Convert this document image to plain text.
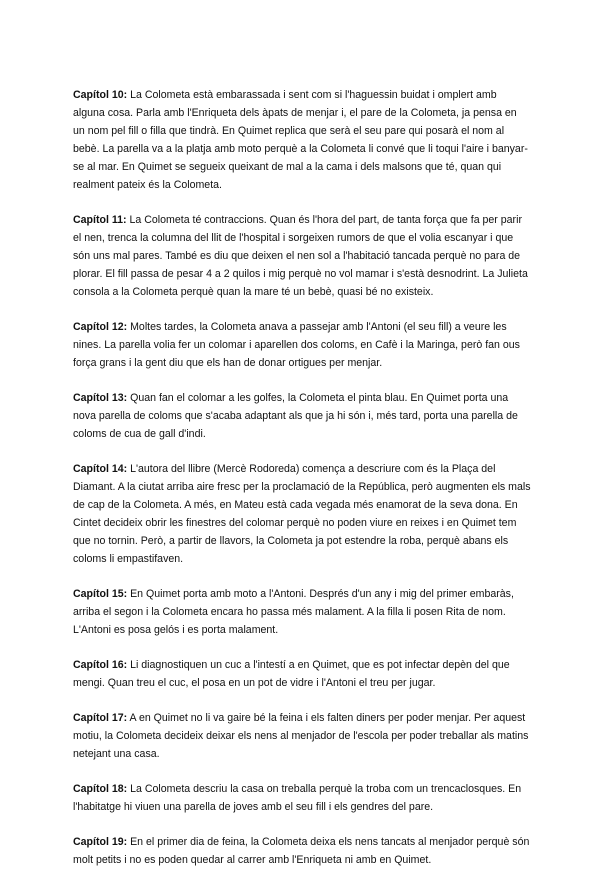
Capítol 10: La Colometa està embarassada i sent com si l'haguessin buidat i omplert amb alguna cosa. Parla amb l'Enriqueta dels àpats de menjar i, el pare de la Colometa, ja pensa en un nom pel fill o filla que tindrà. En Quimet replica que serà el seu pare qui posarà el nom al bebè. La parella va a la platja amb moto perquè a la Colometa li convé que li toqui l'aire i banyar-se al mar. En Quimet se segueix queixant de mal a la cama i dels malsons que té, quan qui realment pateix és la Colometa.

Capítol 11: La Colometa té contraccions. Quan és l'hora del part, de tanta força que fa per parir el nen, trenca la columna del llit de l'hospital i sorgeixen rumors de que el volia escanyar i que són uns mal pares. També es diu que deixen el nen sol a l'habitació tancada perquè no para de plorar. El fill passa de pesar 4 a 2 quilos i mig perquè no vol mamar i s'està desnodrint. La Julieta consola a la Colometa perquè quan la mare té un bebè, quasi bé no existeix.

Capítol 12: Moltes tardes, la Colometa anava a passejar amb l'Antoni (el seu fill) a veure les nines. La parella volia fer un colomar i aparellen dos coloms, en Cafè i la Maringa, però fan ous força grans i la gent diu que els han de donar ortigues per menjar.

Capítol 13: Quan fan el colomar a les golfes, la Colometa el pinta blau. En Quimet porta una nova parella de coloms que s'acaba adaptant als que ja hi són i, més tard, porta una parella de coloms de cua de gall d'indi.

Capítol 14: L'autora del llibre (Mercè Rodoreda) comença a descriure com és la Plaça del Diamant. A la ciutat arriba aire fresc per la proclamació de la República, però augmenten els mals de cap de la Colometa. A més, en Mateu està cada vegada més enamorat de la seva dona. En Cintet decideix obrir les finestres del colomar perquè no poden viure en reixes i en Quimet tem que no tornin. Però, a partir de llavors, la Colometa ja pot estendre la roba, perquè abans els coloms li empastifaven.

Capítol 15: En Quimet porta amb moto a l'Antoni. Després d'un any i mig del primer embaràs, arriba el segon i la Colometa encara ho passa més malament. A la filla li posen Rita de nom. L'Antoni es posa gelós i es porta malament.

Capítol 16: Li diagnostiquen un cuc a l'intestí a en Quimet, que es pot infectar depèn del que mengi. Quan treu el cuc, el posa en un pot de vidre i l'Antoni el treu per jugar.

Capítol 17: A en Quimet no li va gaire bé la feina i els falten diners per poder menjar. Per aquest motiu, la Colometa decideix deixar els nens al menjador de l'escola per poder treballar als matins netejant una casa.

Capítol 18: La Colometa descriu la casa on treballa perquè la troba com un trencaclosques. En l'habitatge hi viuen una parella de joves amb el seu fill i els gendres del pare.

Capítol 19: En el primer dia de feina, la Colometa deixa els nens tancats al menjador perquè són molt petits i no es poden quedar al carrer amb l'Enriqueta ni amb en Quimet.
